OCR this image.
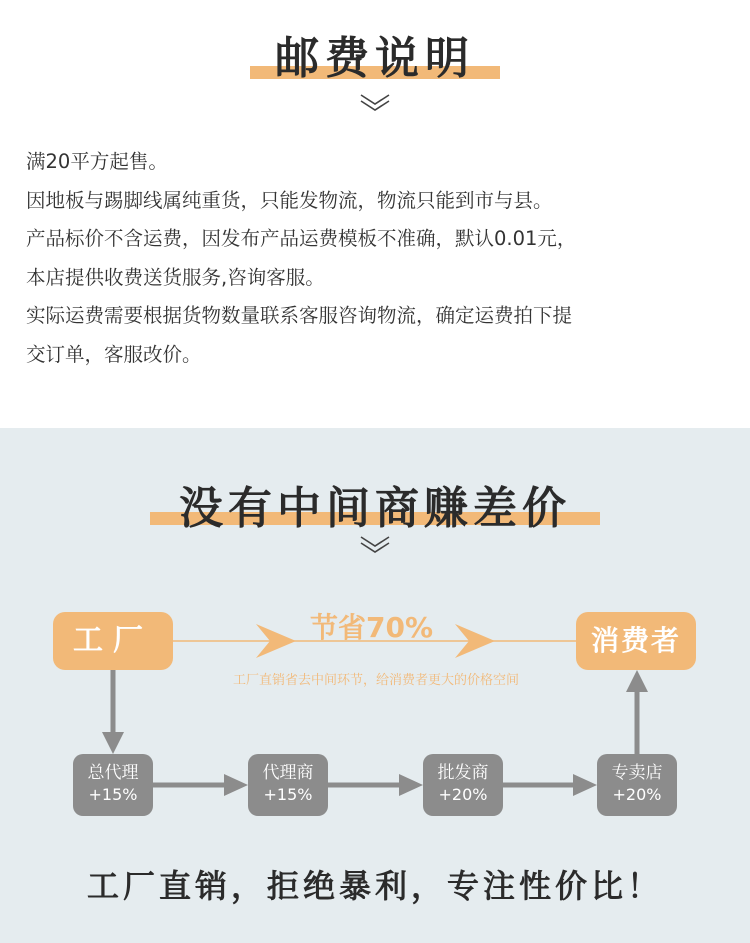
邮费说明

满20平方起售。

因地板与踢脚线属纯重货，只能发物流，物流只能到市与县。

产品标价不含运费，因发布产品运费模板不准确，默认0.01元，

本店提供收费送货服务,咨询客服。

实际运费需要根据货物数量联系客服咨询物流，确定运费拍下提

交订单，客服改价。

没有中间商赚差价
工厂	消费者
节省70%
工厂直销省去中间环节，给消费者更大的价格空间
总代理
+15%
代理商
+15%
批发商
+20%
专卖店
+20%
工厂直销，拒绝暴利，专注性价比！
